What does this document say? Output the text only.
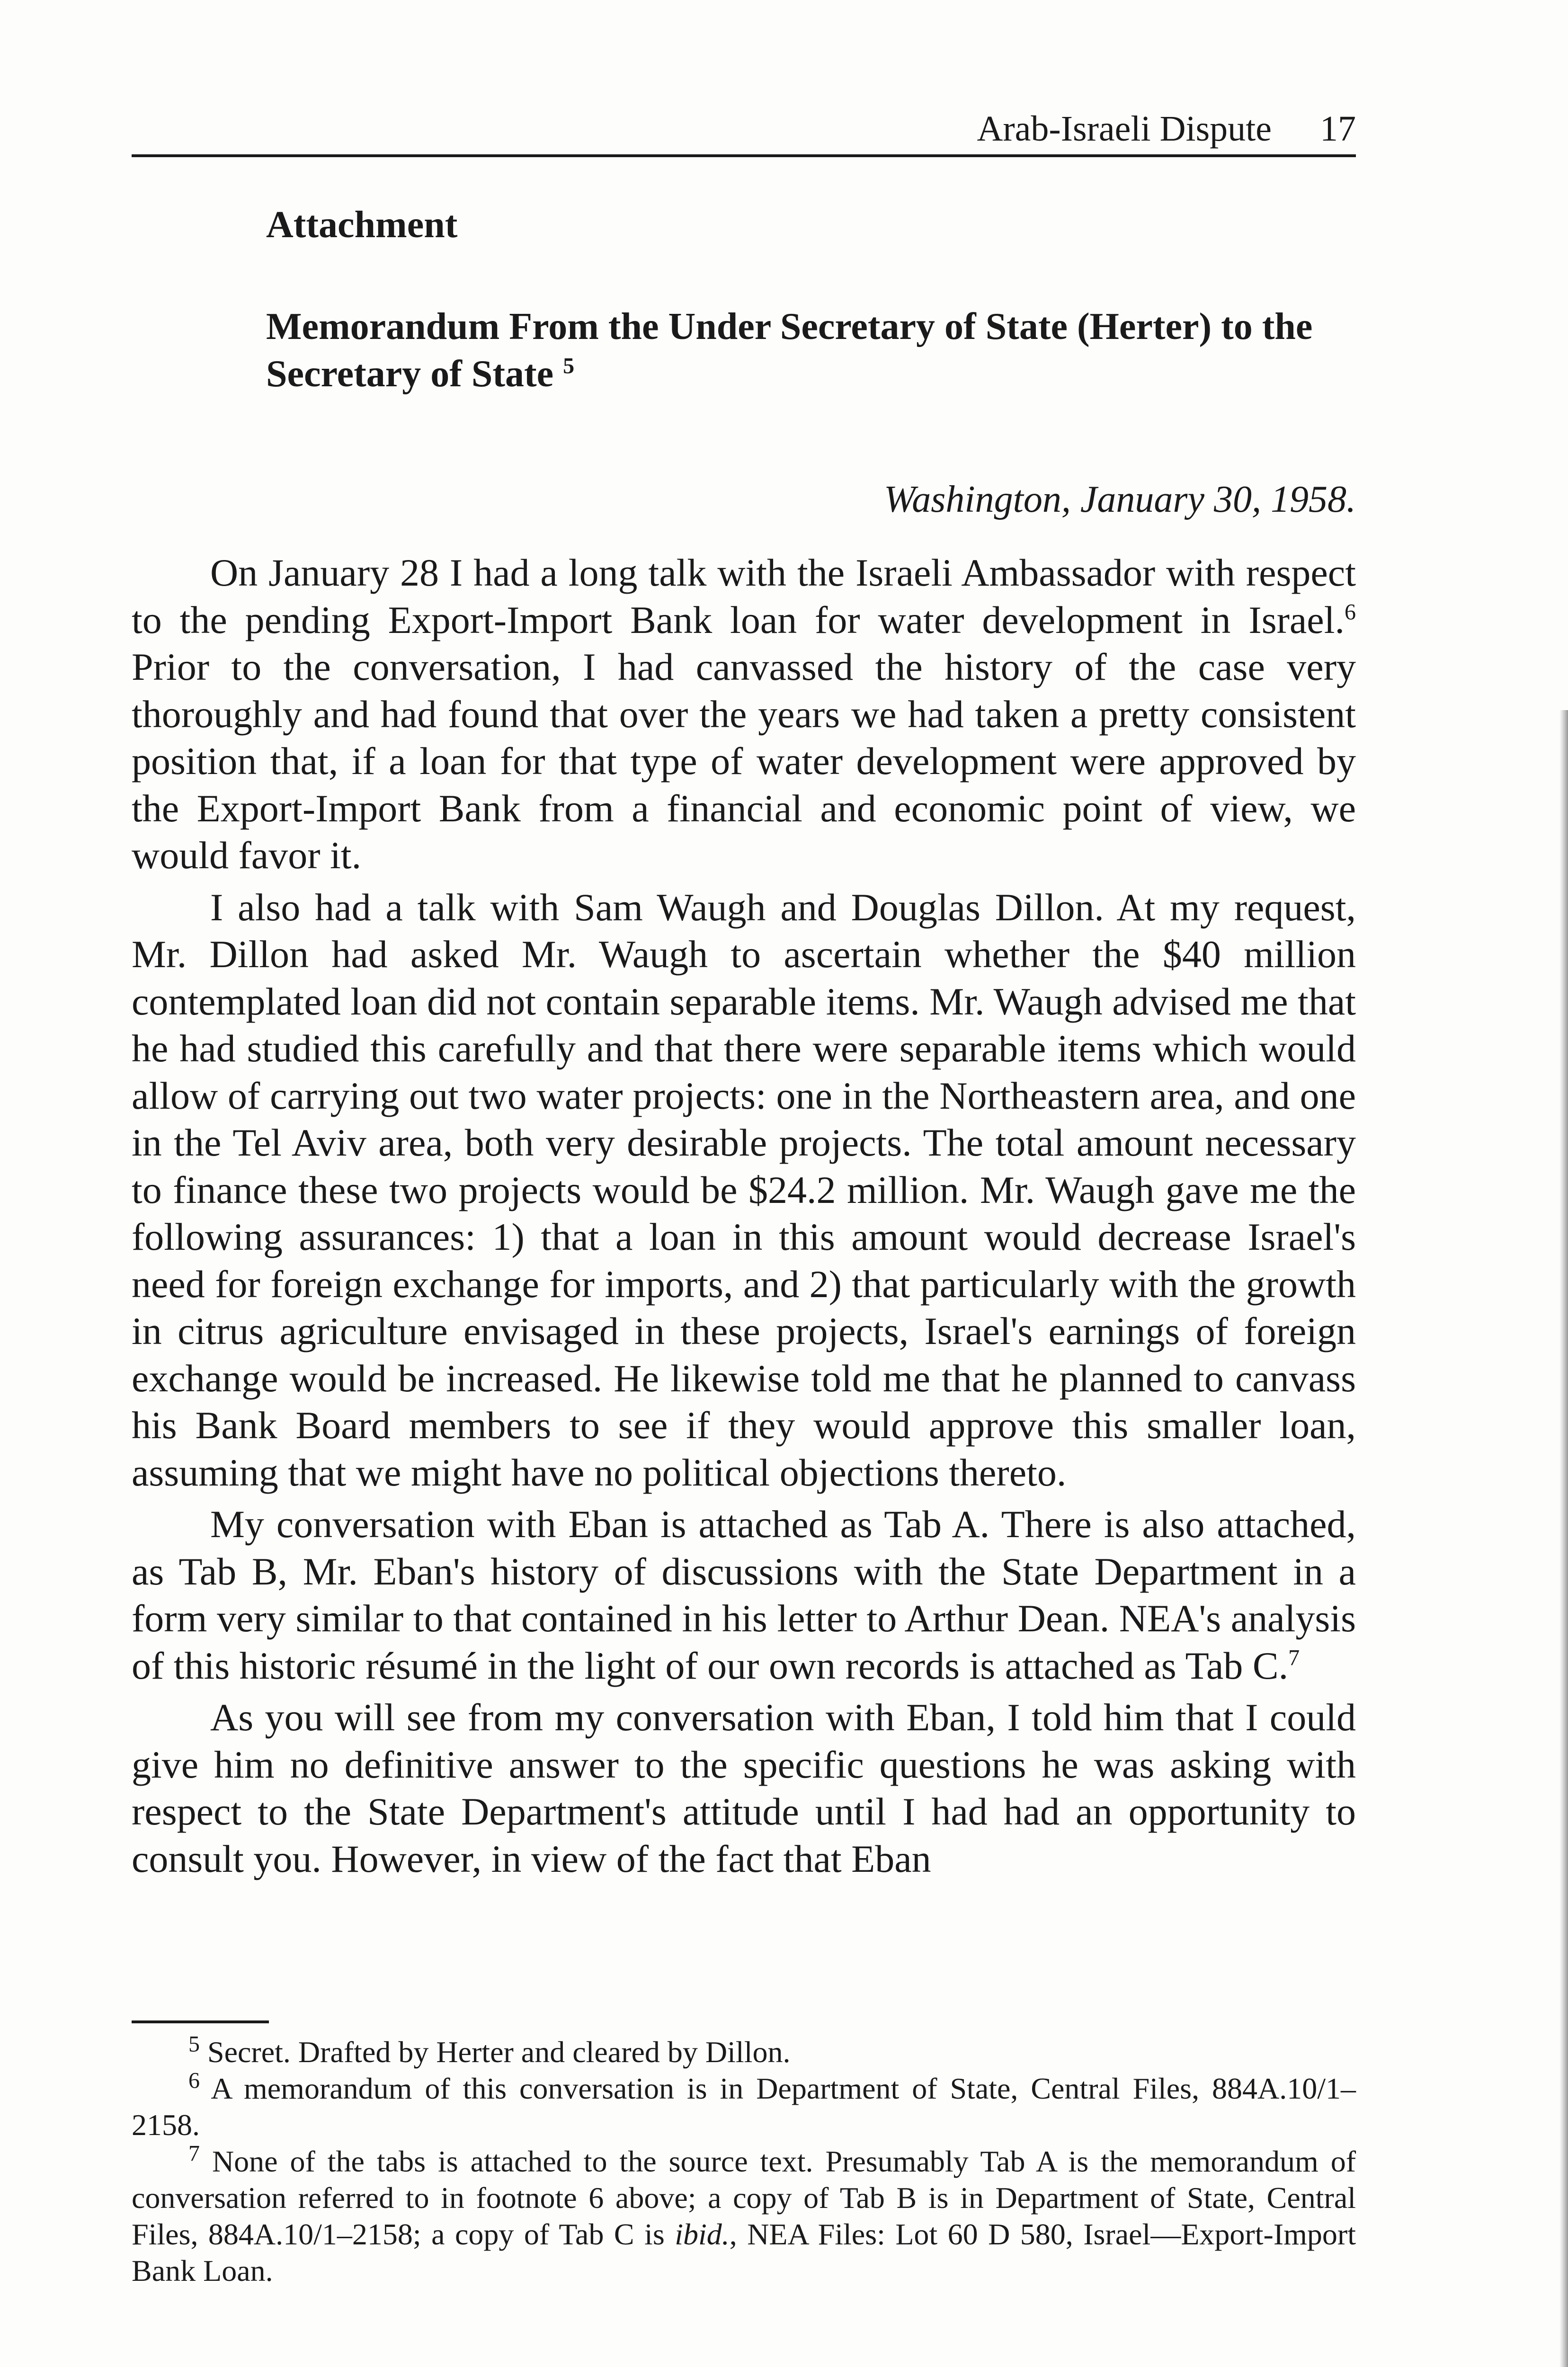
Arab-Israeli Dispute 17
Attachment
Memorandum From the Under Secretary of State (Herter) to the Secretary of State $^5$
Washington, January 30, 1958.

On January 28 I had a long talk with the Israeli Ambassador with respect to the pending Export-Import Bank loan for water development in Israel.$^6$ Prior to the conversation, I had canvassed the history of the case very thoroughly and had found that over the years we had taken a pretty consistent position that, if a loan for that type of water development were approved by the Export-Import Bank from a financial and economic point of view, we would favor it.

I also had a talk with Sam Waugh and Douglas Dillon. At my request, Mr. Dillon had asked Mr. Waugh to ascertain whether the $40 million contemplated loan did not contain separable items. Mr. Waugh advised me that he had studied this carefully and that there were separable items which would allow of carrying out two water projects: one in the Northeastern area, and one in the Tel Aviv area, both very desirable projects. The total amount necessary to finance these two projects would be $24.2 million. Mr. Waugh gave me the following assurances: 1) that a loan in this amount would decrease Israel's need for foreign exchange for imports, and 2) that particularly with the growth in citrus agriculture envisaged in these projects, Israel's earnings of foreign exchange would be increased. He likewise told me that he planned to canvass his Bank Board members to see if they would approve this smaller loan, assuming that we might have no political objections thereto.

My conversation with Eban is attached as Tab A. There is also attached, as Tab B, Mr. Eban's history of discussions with the State Department in a form very similar to that contained in his letter to Arthur Dean. NEA's analysis of this historic résumé in the light of our own records is attached as Tab C.$^7$

As you will see from my conversation with Eban, I told him that I could give him no definitive answer to the specific questions he was asking with respect to the State Department's attitude until I had had an opportunity to consult you. However, in view of the fact that Eban

$^5$ Secret. Drafted by Herter and cleared by Dillon.

$^6$ A memorandum of this conversation is in Department of State, Central Files, 884A.10/1–2158.

$^7$ None of the tabs is attached to the source text. Presumably Tab A is the memorandum of conversation referred to in footnote 6 above; a copy of Tab B is in Department of State, Central Files, 884A.10/1–2158; a copy of Tab C is ibid., NEA Files: Lot 60 D 580, Israel—Export-Import Bank Loan.
